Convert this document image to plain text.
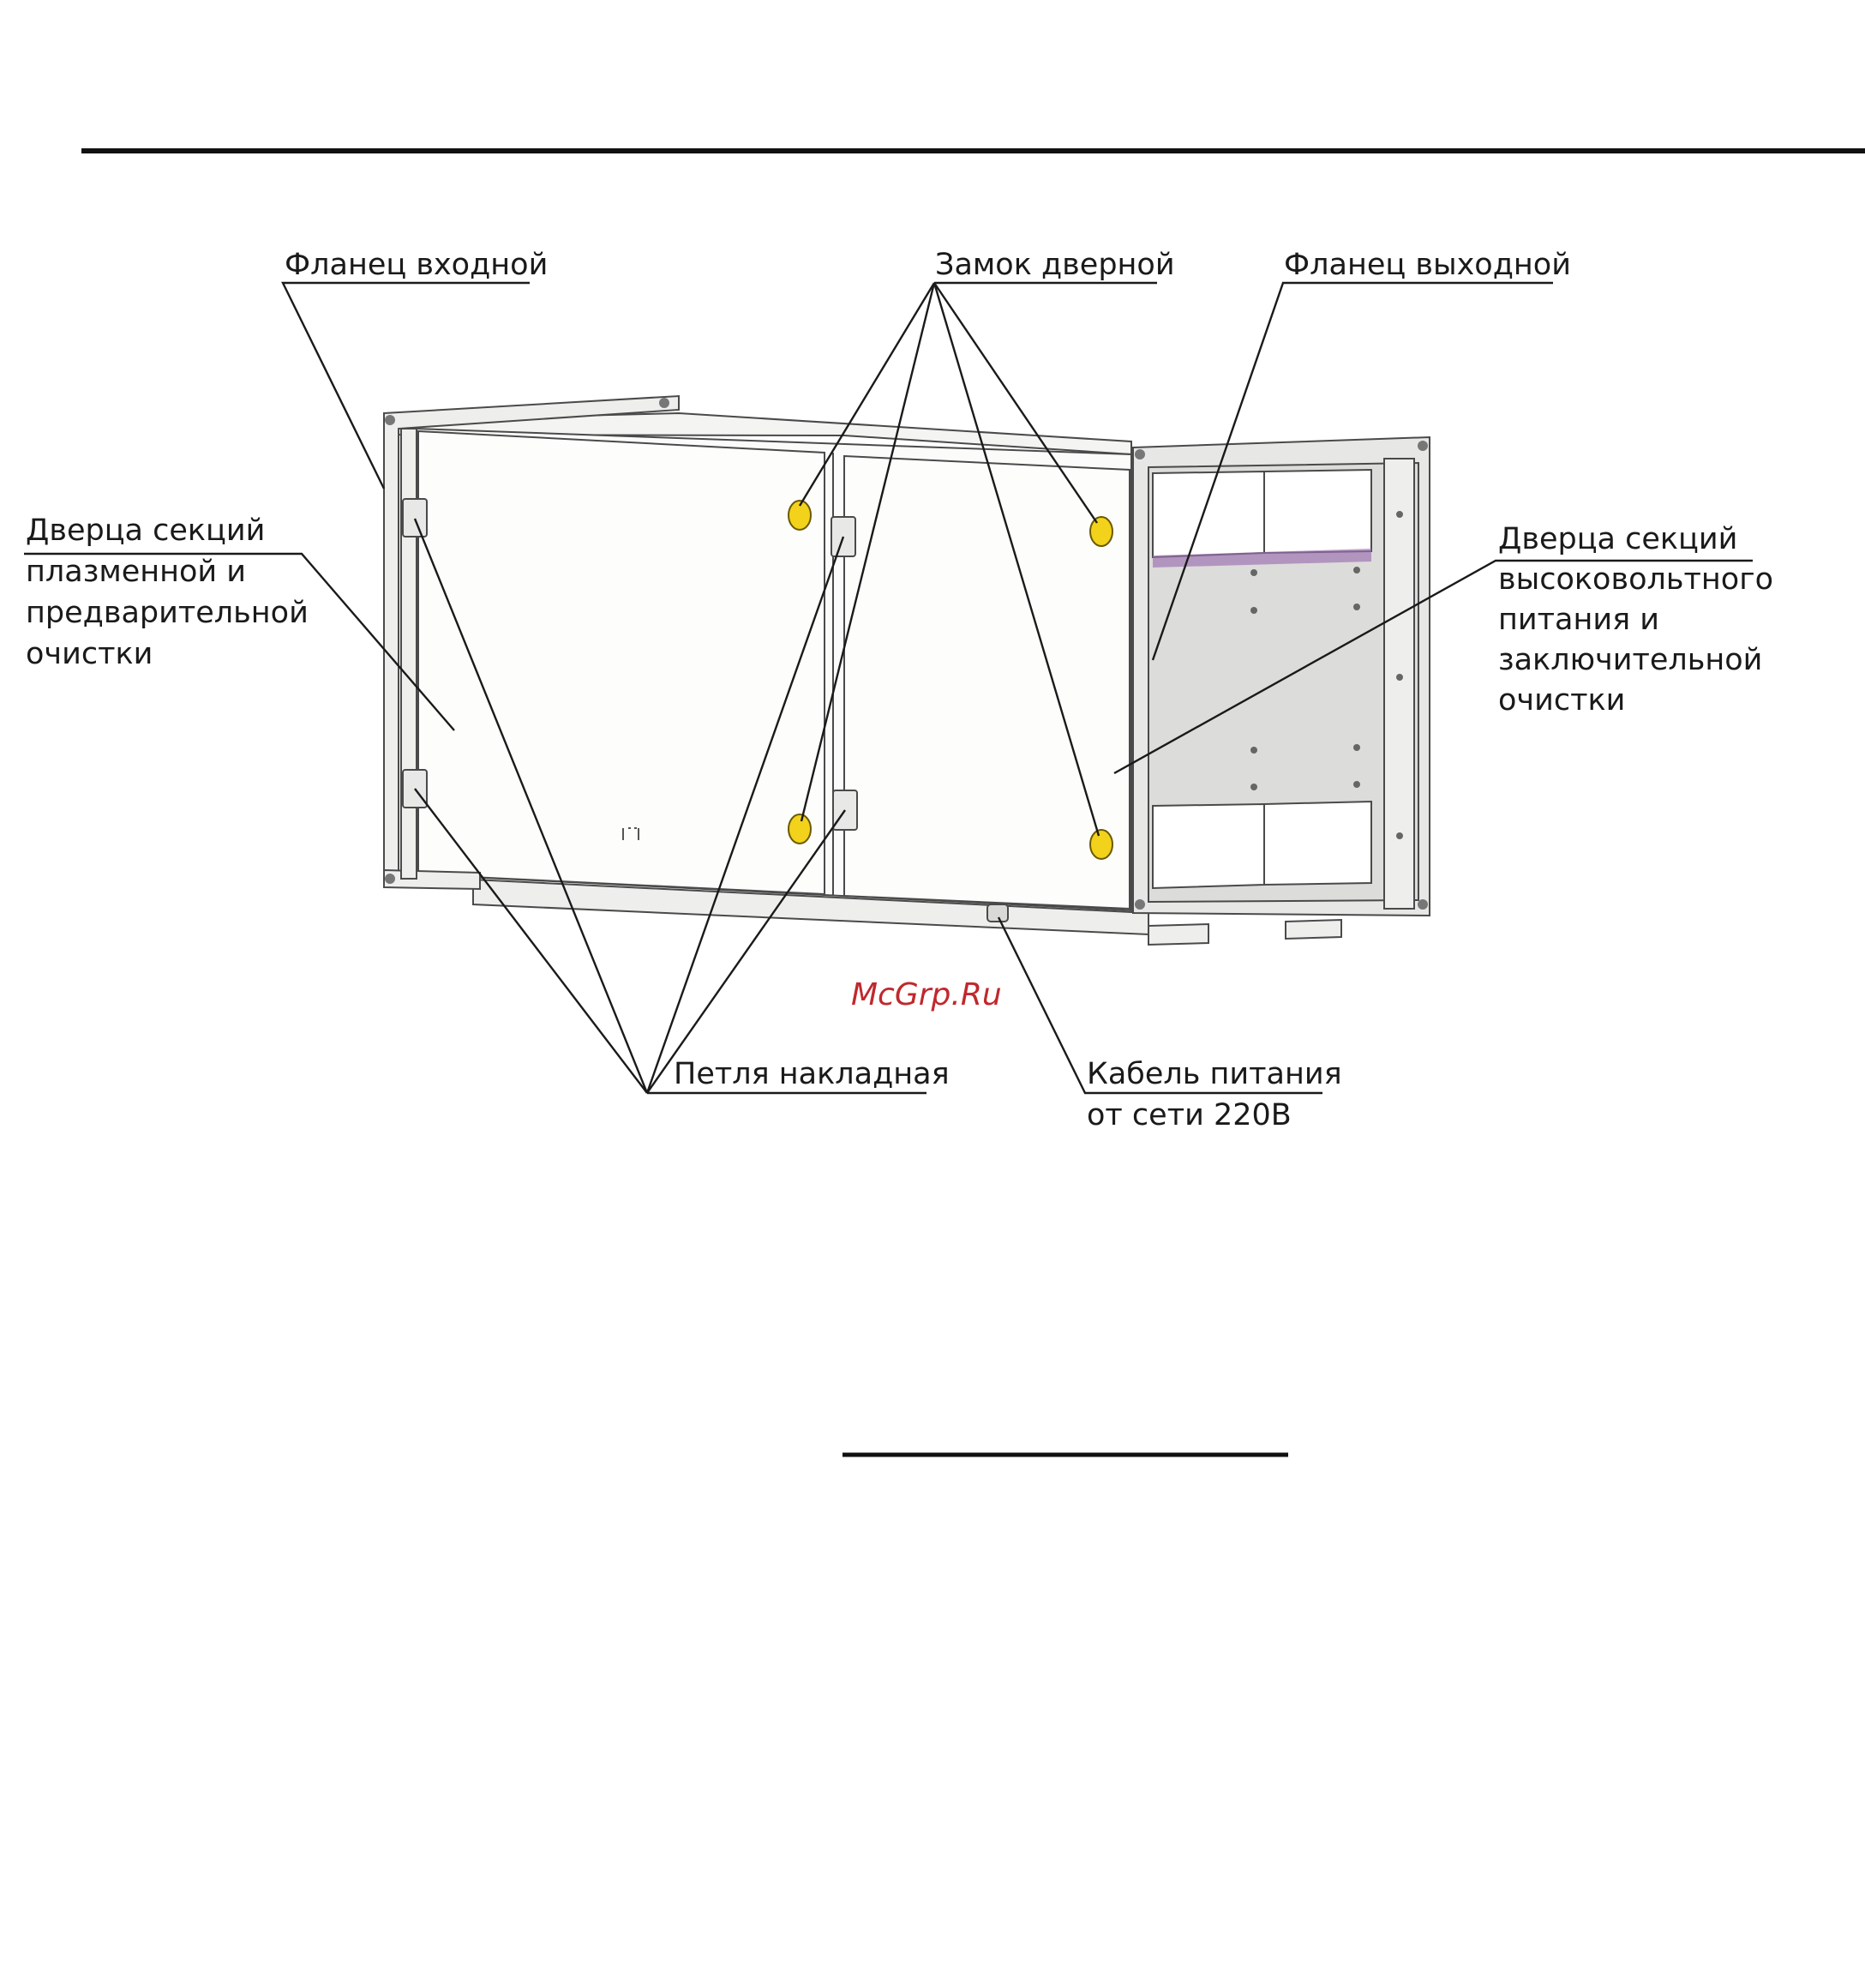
Фланец входной	Замок дверной	Фланец выходной
Дверца секций
плазменной и
предварительной
очистки
Дверца секций
высоковольтного
питания и
заключительной
очистки
Петля накладная	Кабель питания
от сети 220В
McGrp.Ru
